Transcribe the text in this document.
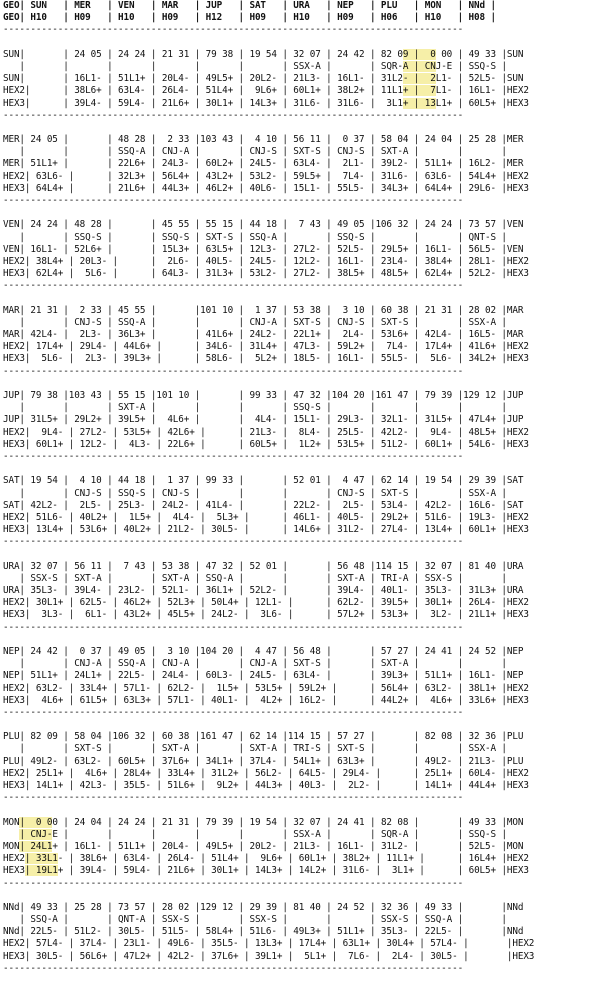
GEO| SUN   | MER   | VEN   | MAR   | JUP   | SAT   | URA   | NEP   | PLU   | MON   | NNd |
GEO| H10   | H09   | H10   | H09   | H12   | H09   | H10   | H09   | H06   | H10   | H08 |
------------------------------------------------------------------------------------

SUN|       | 24 05 | 24 24 | 21 31 | 79 38 | 19 54 | 32 07 | 24 42 | 82 09 |  0 00 | 49 33 |SUN
|       |       |       |       |       |       | SSX-A |       | SQR-A | CNJ-E | SSQ-S |
SUN|       | 16L1- | 51L1+ | 20L4- | 49L5+ | 20L2- | 21L3- | 16L1- | 31L2- |  2L1- | 52L5- |SUN
HEX2|      | 38L6+ | 63L4- | 26L4- | 51L4+ |  9L6+ | 60L1+ | 38L2+ | 11L1+ |  7L1- | 16L1- |HEX2
HEX3|      | 39L4- | 59L4- | 21L6+ | 30L1+ | 14L3+ | 31L6- | 31L6- |  3L1+ | 13L1+ | 60L5+ |HEX3
------------------------------------------------------------------------------------

MER| 24 05 |       | 48 28 |  2 33 |103 43 |  4 10 | 56 11 |  0 37 | 58 04 | 24 04 | 25 28 |MER
|       |       | SSQ-A | CNJ-A |       | CNJ-S | SXT-S | CNJ-S | SXT-A |       |       |
MER| 51L1+ |       | 22L6+ | 24L3- | 60L2+ | 24L5- | 63L4- |  2L1- | 39L2- | 51L1+ | 16L2- |MER
HEX2| 63L6- |      | 32L3+ | 56L4+ | 43L2+ | 53L2- | 59L5+ |  7L4- | 31L6- | 63L6- | 54L4+ |HEX2
HEX3| 64L4+ |      | 21L6+ | 44L3+ | 46L2+ | 40L6- | 15L1- | 55L5- | 34L3+ | 64L4+ | 29L6- |HEX3
------------------------------------------------------------------------------------

VEN| 24 24 | 48 28 |       | 45 55 | 55 15 | 44 18 |  7 43 | 49 05 |106 32 | 24 24 | 73 57 |VEN
|       | SSQ-S |       | SSQ-S | SXT-S | SSQ-A |       | SSQ-S |       |       | QNT-S |
VEN| 16L1- | 52L6+ |       | 15L3+ | 63L5+ | 12L3- | 27L2- | 52L5- | 29L5+ | 16L1- | 56L5- |VEN
HEX2| 38L4+ | 20L3- |      |  2L6- | 40L5- | 24L5- | 12L2- | 16L1- | 23L4- | 38L4+ | 28L1- |HEX2
HEX3| 62L4+ |  5L6- |      | 64L3- | 31L3+ | 53L2- | 27L2- | 38L5+ | 48L5+ | 62L4+ | 52L2- |HEX3
------------------------------------------------------------------------------------

MAR| 21 31 |  2 33 | 45 55 |       |101 10 |  1 37 | 53 38 |  3 10 | 60 38 | 21 31 | 28 02 |MAR
|       | CNJ-S | SSQ-A |       |       | CNJ-A | SXT-S | CNJ-S | SXT-S |       | SSX-A |
MAR| 42L4- |  2L3- | 36L3+ |       | 41L6+ | 24L2- | 22L1+ |  2L4- | 53L6+ | 42L4- | 16L5- |MAR
HEX2| 17L4+ | 29L4- | 44L6+ |      | 34L6- | 31L4+ | 47L3- | 59L2+ |  7L4- | 17L4+ | 41L6+ |HEX2
HEX3|  5L6- |  2L3- | 39L3+ |      | 58L6- |  5L2+ | 18L5- | 16L1- | 55L5- |  5L6- | 34L2+ |HEX3
------------------------------------------------------------------------------------

JUP| 79 38 |103 43 | 55 15 |101 10 |       | 99 33 | 47 32 |104 20 |161 47 | 79 39 |129 12 |JUP
|       |       | SXT-A |       |       |       | SSQ-S |       |       |       |       |
JUP| 31L5+ | 29L2+ | 39L5+ |  4L6+ |       |  4L4- | 15L1- | 29L3- | 32L1- | 31L5+ | 47L4+ |JUP
HEX2|  9L4- | 27L2- | 53L5+ | 42L6+ |      | 21L3- |  8L4- | 25L5- | 42L2- |  9L4- | 48L5+ |HEX2
HEX3| 60L1+ | 12L2- |  4L3- | 22L6+ |      | 60L5+ |  1L2+ | 53L5+ | 51L2- | 60L1+ | 54L6- |HEX3
------------------------------------------------------------------------------------

SAT| 19 54 |  4 10 | 44 18 |  1 37 | 99 33 |       | 52 01 |  4 47 | 62 14 | 19 54 | 29 39 |SAT
|       | CNJ-S | SSQ-S | CNJ-S |       |       |       | CNJ-S | SXT-S |       | SSX-A |
SAT| 42L2- |  2L5- | 25L3- | 24L2- | 41L4- |       | 22L2- |  2L5- | 53L4- | 42L2- | 16L6- |SAT
HEX2| 51L6- | 40L2+ |  1L5+ |  4L4- |  5L3+ |      | 46L1- | 40L5- | 29L2+ | 51L6- | 19L3- |HEX2
HEX3| 13L4+ | 53L6+ | 40L2+ | 21L2- | 30L5- |      | 14L6+ | 31L2- | 27L4- | 13L4+ | 60L1+ |HEX3
------------------------------------------------------------------------------------

URA| 32 07 | 56 11 |  7 43 | 53 38 | 47 32 | 52 01 |       | 56 48 |114 15 | 32 07 | 81 40 |URA
| SSX-S | SXT-A |       | SXT-A | SSQ-A |       |       | SXT-A | TRI-A | SSX-S |       |
URA| 35L3- | 39L4- | 23L2- | 52L1- | 36L1+ | 52L2- |       | 39L4- | 40L1- | 35L3- | 31L3+ |URA
HEX2| 30L1+ | 62L5- | 46L2+ | 52L3+ | 50L4+ | 12L1- |      | 62L2- | 39L5+ | 30L1+ | 26L4- |HEX2
HEX3|  3L3- |  6L1- | 43L2+ | 45L5+ | 24L2- |  3L6- |      | 57L2+ | 53L3+ |  3L2- | 21L1+ |HEX3
------------------------------------------------------------------------------------

NEP| 24 42 |  0 37 | 49 05 |  3 10 |104 20 |  4 47 | 56 48 |       | 57 27 | 24 41 | 24 52 |NEP
|       | CNJ-A | SSQ-A | CNJ-A |       | CNJ-A | SXT-S |       | SXT-A |       |       |
NEP| 51L1+ | 24L1+ | 22L5- | 24L4- | 60L3- | 24L5- | 63L4- |       | 39L3+ | 51L1+ | 16L1- |NEP
HEX2| 63L2- | 33L4+ | 57L1- | 62L2- |  1L5+ | 53L5+ | 59L2+ |      | 56L4+ | 63L2- | 38L1+ |HEX2
HEX3|  4L6+ | 61L5+ | 63L3+ | 57L1- | 40L1- |  4L2+ | 16L2- |      | 44L2+ |  4L6+ | 33L6+ |HEX3
------------------------------------------------------------------------------------

PLU| 82 09 | 58 04 |106 32 | 60 38 |161 47 | 62 14 |114 15 | 57 27 |       | 82 08 | 32 36 |PLU
|       | SXT-S |       | SXT-A |       | SXT-A | TRI-S | SXT-S |       |       | SSX-A |
PLU| 49L2- | 63L2- | 60L5+ | 37L6+ | 34L1+ | 37L4- | 54L1+ | 63L3+ |       | 49L2- | 21L3- |PLU
HEX2| 25L1+ |  4L6+ | 28L4+ | 33L4+ | 31L2+ | 56L2- | 64L5- | 29L4- |      | 25L1+ | 60L4- |HEX2
HEX3| 14L1+ | 42L3- | 35L5- | 51L6+ |  9L2+ | 44L3+ | 40L3- |  2L2- |      | 14L1+ | 44L4+ |HEX3
------------------------------------------------------------------------------------

MON|  0 00 | 24 04 | 24 24 | 21 31 | 79 39 | 19 54 | 32 07 | 24 41 | 82 08 |       | 49 33 |MON
| CNJ-E |       |       |       |       |       | SSX-A |       | SQR-A |       | SSQ-S |
MON| 24L1+ | 16L1- | 51L1+ | 20L4- | 49L5+ | 20L2- | 21L3- | 16L1- | 31L2- |       | 52L5- |MON
HEX2| 33L1- | 38L6+ | 63L4- | 26L4- | 51L4+ |  9L6+ | 60L1+ | 38L2+ | 11L1+ |      | 16L4+ |HEX2
HEX3| 19L1+ | 39L4- | 59L4- | 21L6+ | 30L1+ | 14L3+ | 14L2+ | 31L6- |  3L1+ |      | 60L5+ |HEX3
------------------------------------------------------------------------------------

NNd| 49 33 | 25 28 | 73 57 | 28 02 |129 12 | 29 39 | 81 40 | 24 52 | 32 36 | 49 33 |       |NNd
| SSQ-A |       | QNT-A | SSX-S |       | SSX-S |       |       | SSX-S | SSQ-A |       |
NNd| 22L5- | 51L2- | 30L5- | 51L5- | 58L4+ | 51L6- | 49L3+ | 51L1+ | 35L3- | 22L5- |       |NNd
HEX2| 57L4- | 37L4- | 23L1- | 49L6- | 35L5- | 13L3+ | 17L4+ | 63L1+ | 30L4+ | 57L4- |       |HEX2
HEX3| 30L5- | 56L6+ | 47L2+ | 42L2- | 37L6+ | 39L1+ |  5L1+ |  7L6- |  2L4- | 30L5- |       |HEX3
------------------------------------------------------------------------------------
